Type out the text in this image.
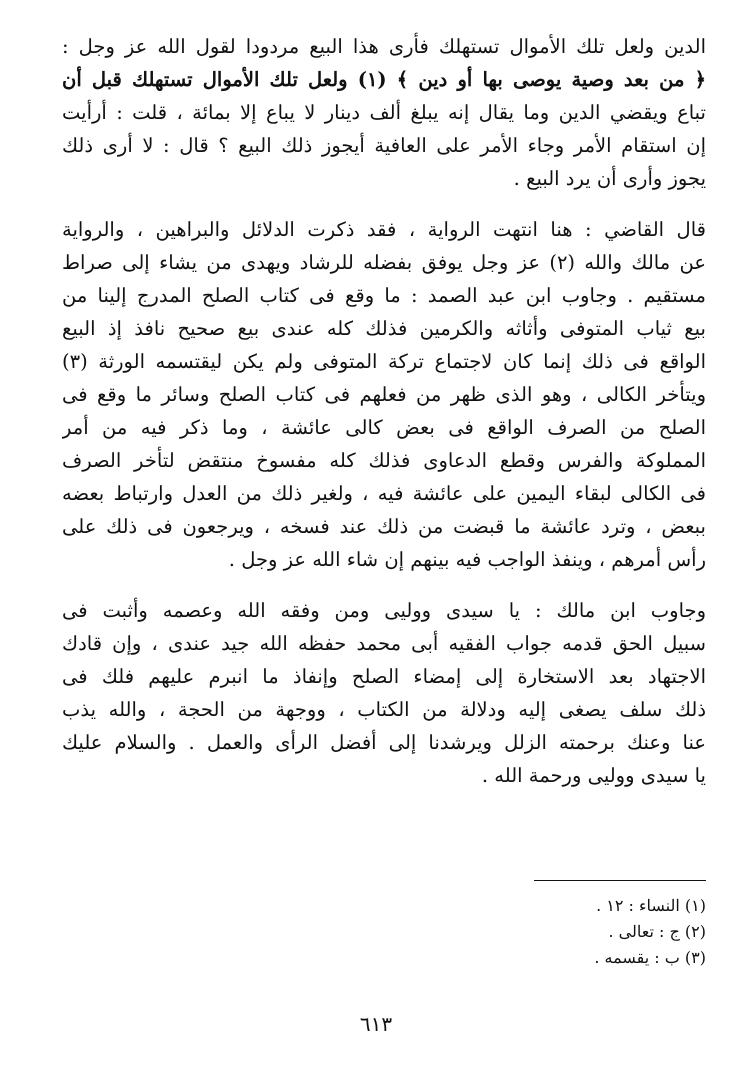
الدين ولعل تلك الأموال تستهلك فأرى هذا البيع مردودا لقول الله عز وجل :
﴿ من بعد وصية يوصى بها أو دين ﴾ (١) ولعل تلك الأموال تستهلك قبل أن
تباع ويقضي الدين وما يقال إنه يبلغ ألف دينار لا يباع إلا بمائة ، قلت : أرأيت
إن استقام الأمر وجاء الأمر على العافية أيجوز ذلك البيع ؟ قال : لا أرى ذلك
يجوز وأرى أن يرد البيع .
قال القاضي : هنا انتهت الرواية ، فقد ذكرت الدلائل والبراهين ، والرواية
عن مالك والله (٢) عز وجل يوفق بفضله للرشاد ويهدى من يشاء إلى صراط
مستقيم . وجاوب ابن عبد الصمد : ما وقع فى كتاب الصلح المدرج إلينا من
بيع ثياب المتوفى وأثاثه والكرمين فذلك كله عندى بيع صحيح نافذ إذ البيع
الواقع فى ذلك إنما كان لاجتماع تركة المتوفى ولم يكن ليقتسمه الورثة (٣)
ويتأخر الكالى ، وهو الذى ظهر من فعلهم فى كتاب الصلح وسائر ما وقع فى
الصلح من الصرف الواقع فى بعض كالى عائشة ، وما ذكر فيه من أمر
المملوكة والفرس وقطع الدعاوى فذلك كله مفسوخ منتقض لتأخر الصرف
فى الكالى لبقاء اليمين على عائشة فيه ، ولغير ذلك من العدل وارتباط بعضه
ببعض ، وترد عائشة ما قبضت من ذلك عند فسخه ، ويرجعون فى ذلك على
رأس أمرهم ، وينفذ الواجب فيه بينهم إن شاء الله عز وجل .
وجاوب ابن مالك : يا سيدى ووليى ومن وفقه الله وعصمه وأثبت فى
سبيل الحق قدمه جواب الفقيه أبى محمد حفظه الله جيد عندى ، وإن قادك
الاجتهاد بعد الاستخارة إلى إمضاء الصلح وإنفاذ ما انبرم عليهم فلك فى
ذلك سلف يصغى إليه ودلالة من الكتاب ، ووجهة من الحجة ، والله يذب
عنا وعنك برحمته الزلل ويرشدنا إلى أفضل الرأى والعمل . والسلام عليك
يا سيدى ووليى ورحمة الله .
(١) النساء : ١٢ .
(٢) ج : تعالى .
(٣) ب : يقسمه .
٦١٣
